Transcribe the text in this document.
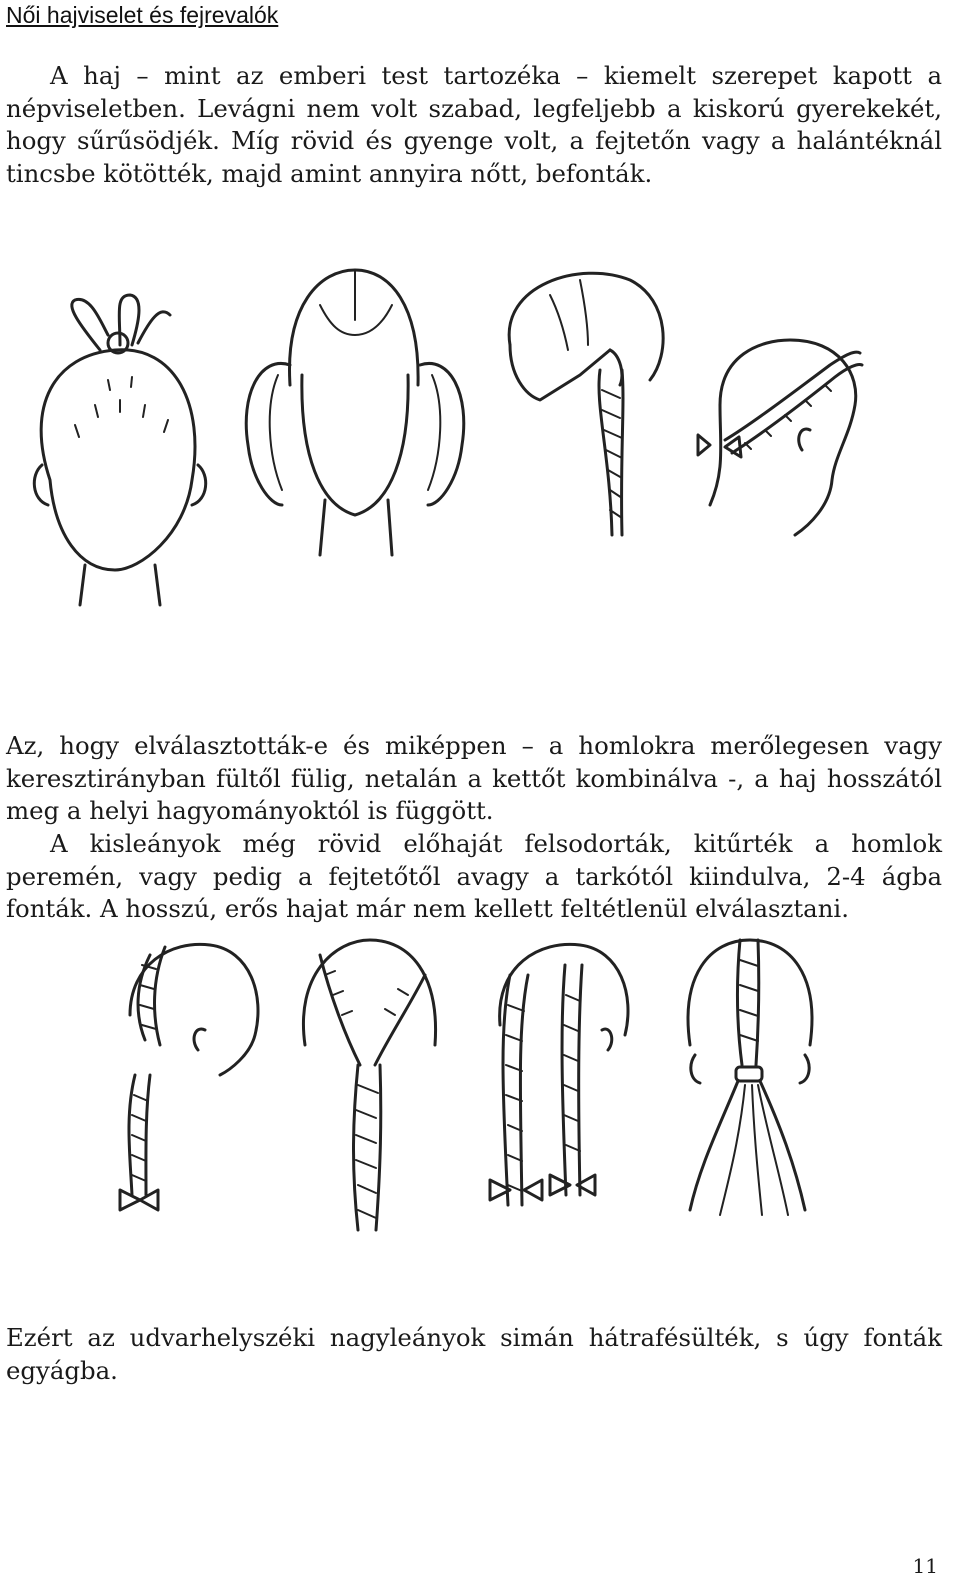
Női hajviselet és fejrevalók

A haj – mint az emberi test tartozéka – kiemelt szerepet kapott a népviseletben. Levágni nem volt szabad, legfeljebb a kiskorú gyerekekét, hogy sűrűsödjék. Míg rövid és gyenge volt, a fejtetőn vagy a halántéknál tincsbe kötötték, majd amint annyira nőtt, befonták.

Az, hogy elválasztották-e és miképpen – a homlokra merőlegesen vagy keresztirányban fültől fülig, netalán a kettőt kombinálva -, a haj hosszától meg a helyi hagyományoktól is függött.

A kisleányok még rövid előhaját felsodorták, kitűrték a homlok peremén, vagy pedig a fejtetőtől avagy a tarkótól kiindulva, 2-4 ágba fonták. A hosszú, erős hajat már nem kellett feltétlenül elválasztani.

Ezért az udvarhelyszéki nagyleányok simán hátrafésülték, s úgy fonták egyágba.

11
